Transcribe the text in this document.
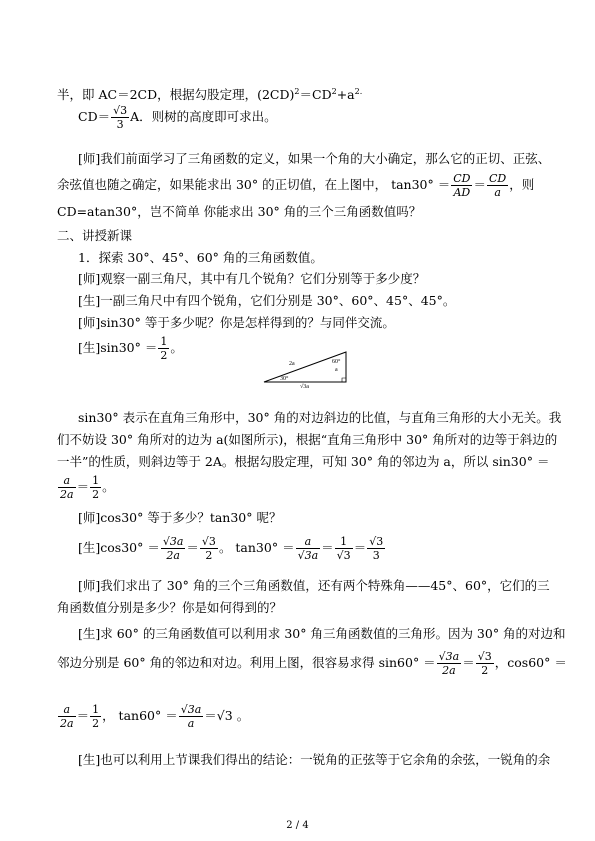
半，即 AC＝2CD，根据勾股定理，$(2CD)^2=CD^2+a^{2.}$
$CD= \frac{√3}{3}$ A．则树的高度即可求出。
[师]我们前面学习了三角函数的定义，如果一个角的大小确定，那么它的正切、正弦、
余弦值也随之确定，如果能求出 30° 的正切值，在上图中， $\tan 30^\circ = \frac{CD}{AD} = \frac{CD}{a}$ ，则
CD=atan30°，岂不简单 你能求出 30° 角的三个三角函数值吗？
二、讲授新课
1．探索 30°、45°、60° 角的三角函数值。
[师]观察一副三角尺，其中有几个锐角？它们分别等于多少度？
[生]一副三角尺中有四个锐角，它们分别是 30°、60°、45°、45°。
[师]sin30° 等于多少呢？你是怎样得到的？与同伴交流。
[生]$\sin 30^\circ = \frac{1}{2}$ 。
60°
30°
2a
a
√3a
sin30° 表示在直角三角形中，30° 角的对边斜边的比值，与直角三角形的大小无关。我
们不妨设 30° 角所对的边为 a(如图所示)，根据“直角三角形中 30° 角所对的边等于斜边的
一半”的性质，则斜边等于 2A。根据勾股定理，可知 30° 角的邻边为 a，所以 sin30° ＝
$\frac{a}{2a} = \frac{1}{2}$ 。
[师]cos30° 等于多少？tan30° 呢？
[生]$\cos 30^\circ = \frac{√3a}{2a} = \frac{√3}{2}$ 。 $\tan 30^\circ = \frac{a}{√3a} = \frac{1}{√3} = \frac{√3}{3}$
[师]我们求出了 30° 角的三个三角函数值，还有两个特殊角——45°、60°，它们的三
角函数值分别是多少？你是如何得到的？
[生]求 60° 的三角函数值可以利用求 30° 角三角函数值的三角形。因为 30° 角的对边和
邻边分别是 60° 角的邻边和对边。利用上图，很容易求得 $\sin 60^\circ = \frac{√3a}{2a} = \frac{√3}{2}$ ，cos60° ＝
$\frac{a}{2a} = \frac{1}{2}$ ， $\tan 60^\circ = \frac{√3a}{a} =√3$ 。
[生]也可以利用上节课我们得出的结论：一锐角的正弦等于它余角的余弦，一锐角的余
2 / 4
